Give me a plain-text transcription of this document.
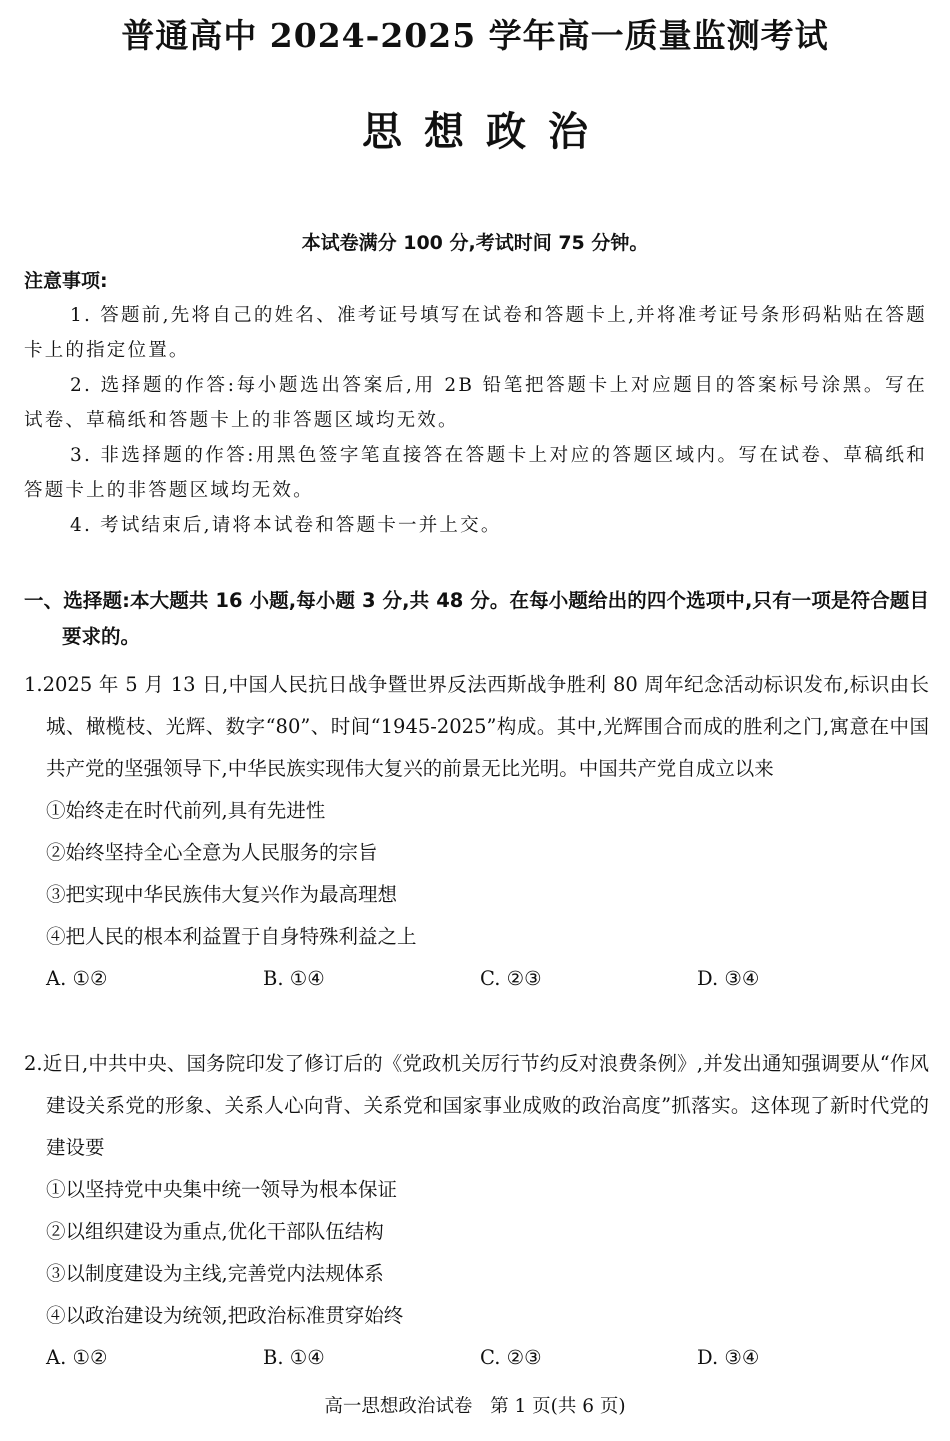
普通高中 2024-2025 学年高一质量监测考试
思想政治
本试卷满分 100 分,考试时间 75 分钟。
注意事项:

1. 答题前,先将自己的姓名、准考证号填写在试卷和答题卡上,并将准考证号条形码粘贴在答题卡上的指定位置。

2. 选择题的作答:每小题选出答案后,用 2B 铅笔把答题卡上对应题目的答案标号涂黑。写在试卷、草稿纸和答题卡上的非答题区域均无效。

3. 非选择题的作答:用黑色签字笔直接答在答题卡上对应的答题区域内。写在试卷、草稿纸和答题卡上的非答题区域均无效。

4. 考试结束后,请将本试卷和答题卡一并上交。

一、选择题:本大题共 16 小题,每小题 3 分,共 48 分。在每小题给出的四个选项中,只有一项是符合题目要求的。

1.2025 年 5 月 13 日,中国人民抗日战争暨世界反法西斯战争胜利 80 周年纪念活动标识发布,标识由长城、橄榄枝、光辉、数字“80”、时间“1945-2025”构成。其中,光辉围合而成的胜利之门,寓意在中国共产党的坚强领导下,中华民族实现伟大复兴的前景无比光明。中国共产党自成立以来

①始终走在时代前列,具有先进性

②始终坚持全心全意为人民服务的宗旨

③把实现中华民族伟大复兴作为最高理想

④把人民的根本利益置于自身特殊利益之上

A. ①②	B. ①④	C. ②③	D. ③④

2.近日,中共中央、国务院印发了修订后的《党政机关厉行节约反对浪费条例》,并发出通知强调要从“作风建设关系党的形象、关系人心向背、关系党和国家事业成败的政治高度”抓落实。这体现了新时代党的建设要

①以坚持党中央集中统一领导为根本保证

②以组织建设为重点,优化干部队伍结构

③以制度建设为主线,完善党内法规体系

④以政治建设为统领,把政治标准贯穿始终

A. ①②	B. ①④	C. ②③	D. ③④
高一思想政治试卷   第 1 页(共 6 页)
